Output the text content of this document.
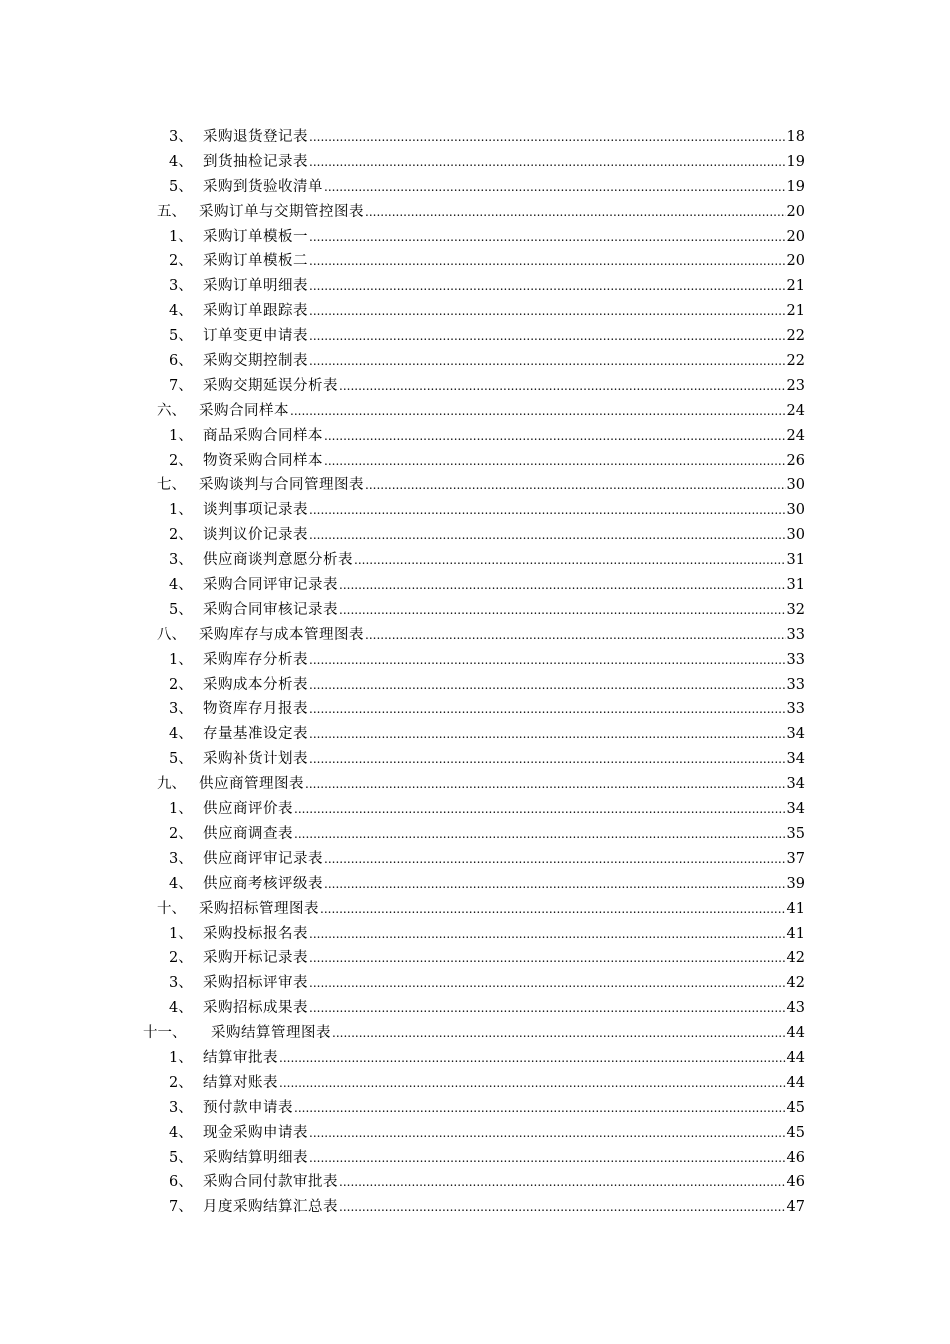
3、 采购退货登记表 .....	18
4、 到货抽检记录表 .....	19
5、 采购到货验收清单 .....	19
五、 采购订单与交期管控图表 .....	20
1、 采购订单模板一 .....	20
2、 采购订单模板二 .....	20
3、 采购订单明细表 .....	21
4、 采购订单跟踪表 .....	21
5、 订单变更申请表 .....	22
6、 采购交期控制表 .....	22
7、 采购交期延误分析表 .....	23
六、 采购合同样本 .....	24
1、 商品采购合同样本 .....	24
2、 物资采购合同样本 .....	26
七、 采购谈判与合同管理图表 .....	30
1、 谈判事项记录表 .....	30
2、 谈判议价记录表 .....	30
3、 供应商谈判意愿分析表 .....	31
4、 采购合同评审记录表 .....	31
5、 采购合同审核记录表 .....	32
八、 采购库存与成本管理图表 .....	33
1、 采购库存分析表 .....	33
2、 采购成本分析表 .....	33
3、 物资库存月报表 .....	33
4、 存量基准设定表 .....	34
5、 采购补货计划表 .....	34
九、 供应商管理图表 .....	34
1、 供应商评价表 .....	34
2、 供应商调查表 .....	35
3、 供应商评审记录表 .....	37
4、 供应商考核评级表 .....	39
十、 采购招标管理图表 .....	41
1、 采购投标报名表 .....	41
2、 采购开标记录表 .....	42
3、 采购招标评审表 .....	42
4、 采购招标成果表 .....	43
十一、 采购结算管理图表 .....	44
1、 结算审批表 .....	44
2、 结算对账表 .....	44
3、 预付款申请表 .....	45
4、 现金采购申请表 .....	45
5、 采购结算明细表 .....	46
6、 采购合同付款审批表 .....	46
7、 月度采购结算汇总表 .....	47
